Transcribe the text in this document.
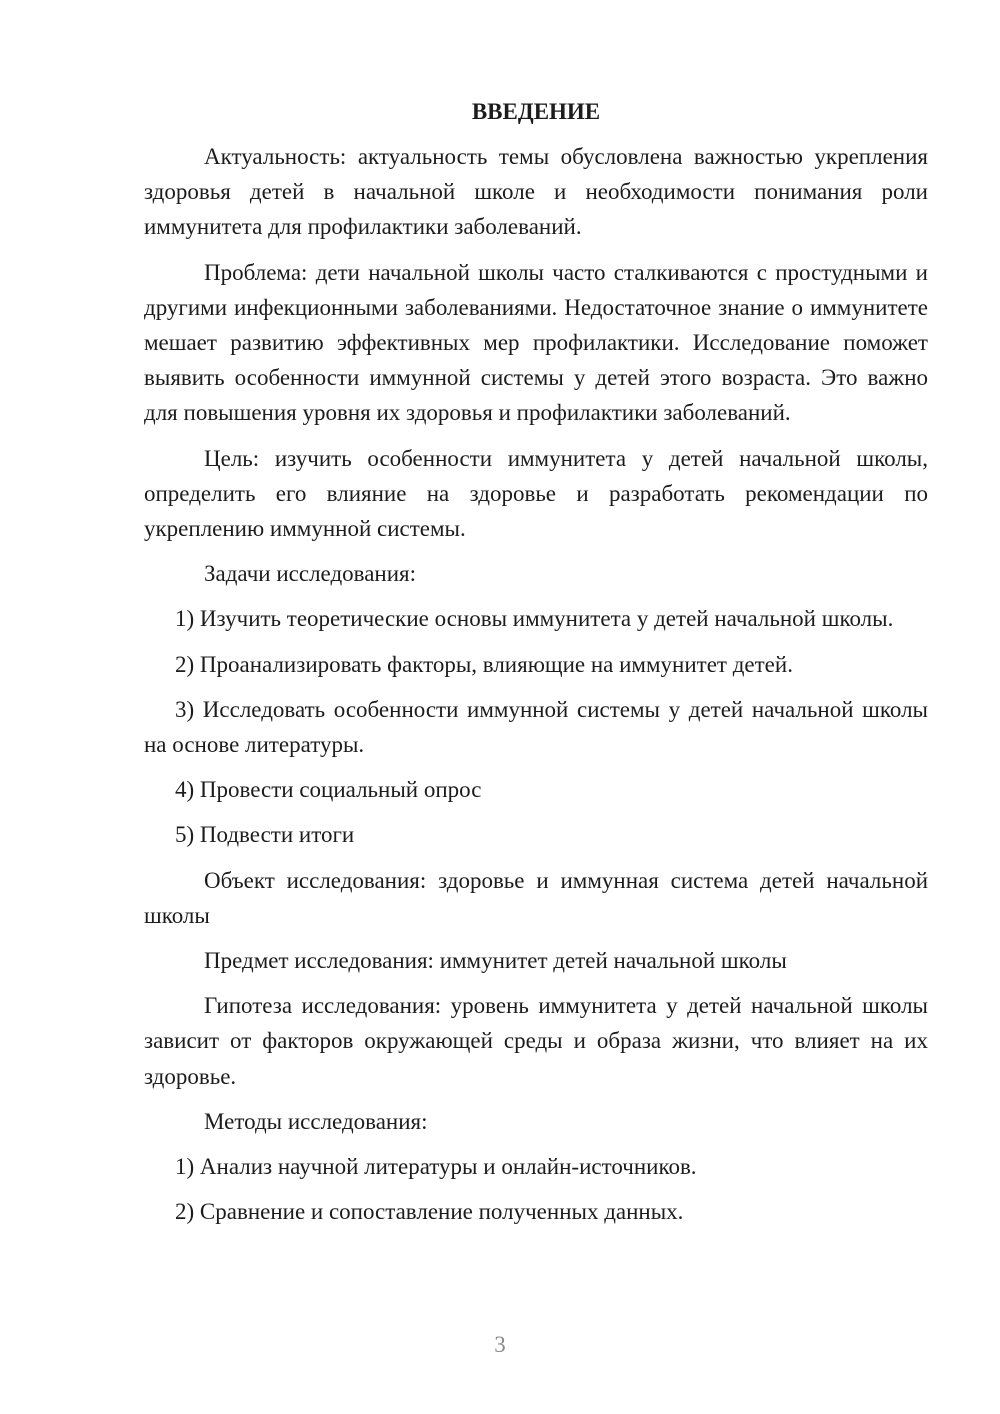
ВВЕДЕНИЕ

Актуальность: актуальность темы обусловлена важностью укрепления здоровья детей в начальной школе и необходимости понимания роли иммунитета для профилактики заболеваний.

Проблема: дети начальной школы часто сталкиваются с простудными и другими инфекционными заболеваниями. Недостаточное знание о иммунитете мешает развитию эффективных мер профилактики. Исследование поможет выявить особенности иммунной системы у детей этого возраста. Это важно для повышения уровня их здоровья и профилактики заболеваний.

Цель: изучить особенности иммунитета у детей начальной школы, определить его влияние на здоровье и разработать рекомендации по укреплению иммунной системы.

Задачи исследования:

1) Изучить теоретические основы иммунитета у детей начальной школы.

2) Проанализировать факторы, влияющие на иммунитет детей.

3) Исследовать особенности иммунной системы у детей начальной школы на основе литературы.

4) Провести социальный опрос

5) Подвести итоги

Объект исследования: здоровье и иммунная система детей начальной школы

Предмет исследования: иммунитет детей начальной школы

Гипотеза исследования: уровень иммунитета у детей начальной школы зависит от факторов окружающей среды и образа жизни, что влияет на их здоровье.

Методы исследования:

1) Анализ научной литературы и онлайн-источников.

2) Сравнение и сопоставление полученных данных.

3
